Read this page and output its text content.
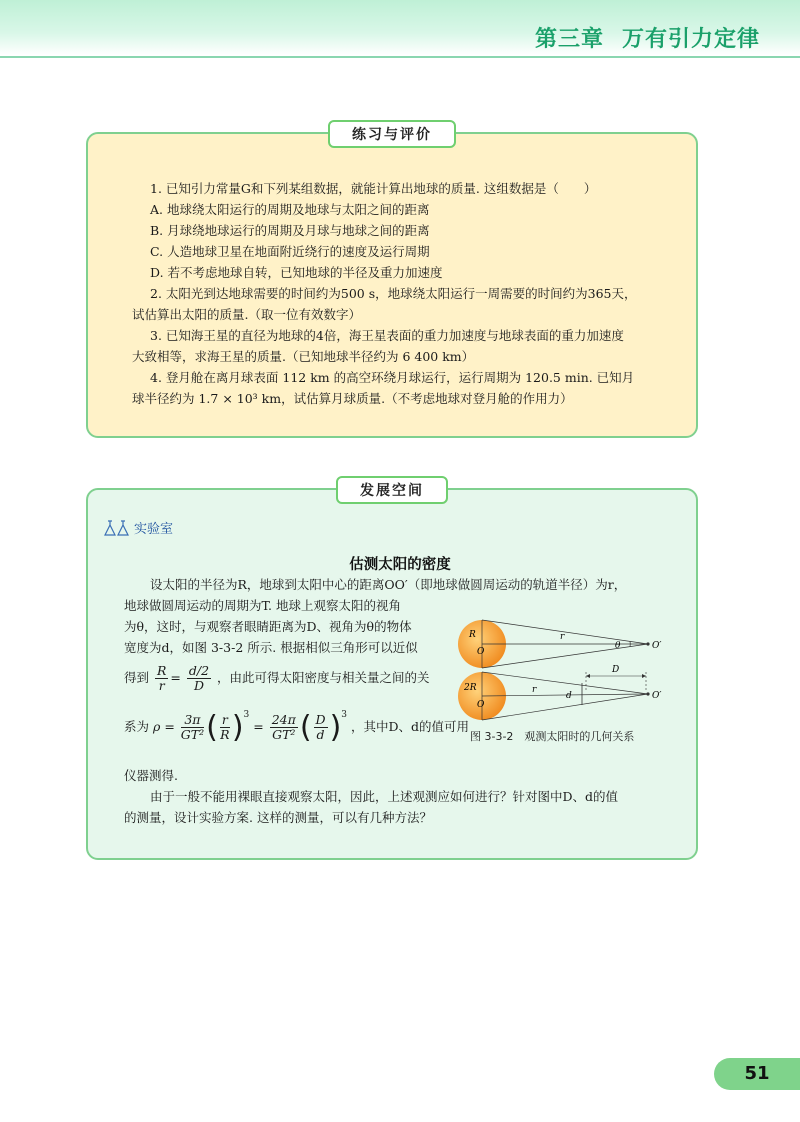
第三章 万有引力定律
练习与评价
1. 已知引力常量G和下列某组数据，就能计算出地球的质量. 这组数据是（　　）
A. 地球绕太阳运行的周期及地球与太阳之间的距离
B. 月球绕地球运行的周期及月球与地球之间的距离
C. 人造地球卫星在地面附近绕行的速度及运行周期
D. 若不考虑地球自转，已知地球的半径及重力加速度
2. 太阳光到达地球需要的时间约为500 s，地球绕太阳运行一周需要的时间约为365天，
试估算出太阳的质量.（取一位有效数字）
3. 已知海王星的直径为地球的4倍，海王星表面的重力加速度与地球表面的重力加速度
大致相等，求海王星的质量.（已知地球半径约为 6 400 km）
4. 登月舱在离月球表面 112 km 的高空环绕月球运行，运行周期为 120.5 min. 已知月
球半径约为 1.7 × 10³ km，试估算月球质量.（不考虑地球对登月舱的作用力）
发展空间
实验室
估测太阳的密度
设太阳的半径为R，地球到太阳中心的距离OO′（即地球做圆周运动的轨道半径）为r，
地球做圆周运动的周期为T. 地球上观察太阳的视角
为θ，这时，与观察者眼睛距离为D、视角为θ的物体
宽度为d，如图 3-3-2 所示. 根据相似三角形可以近似
得到 $\frac{R}{r} = \frac{d/2}{D}$ ，由此可得太阳密度与相关量之间的关
系为 $\rho = \frac{3\pi}{\text{GT²}}$ ( $\frac{r}{R} )^3 = \frac{24\pi}{\text{GT²}}$ ( $\frac{D}{d} )^3$ ，其中D、d的值可用
仪器测得.
由于一般不能用裸眼直接观察太阳，因此，上述观测应如何进行？针对图中D、d的值
的测量，设计实验方案. 这样的测量，可以有几种方法？
R
O
r
θ	O′
2R
O
r
D
d	O′
图 3-3-2　观测太阳时的几何关系
51
